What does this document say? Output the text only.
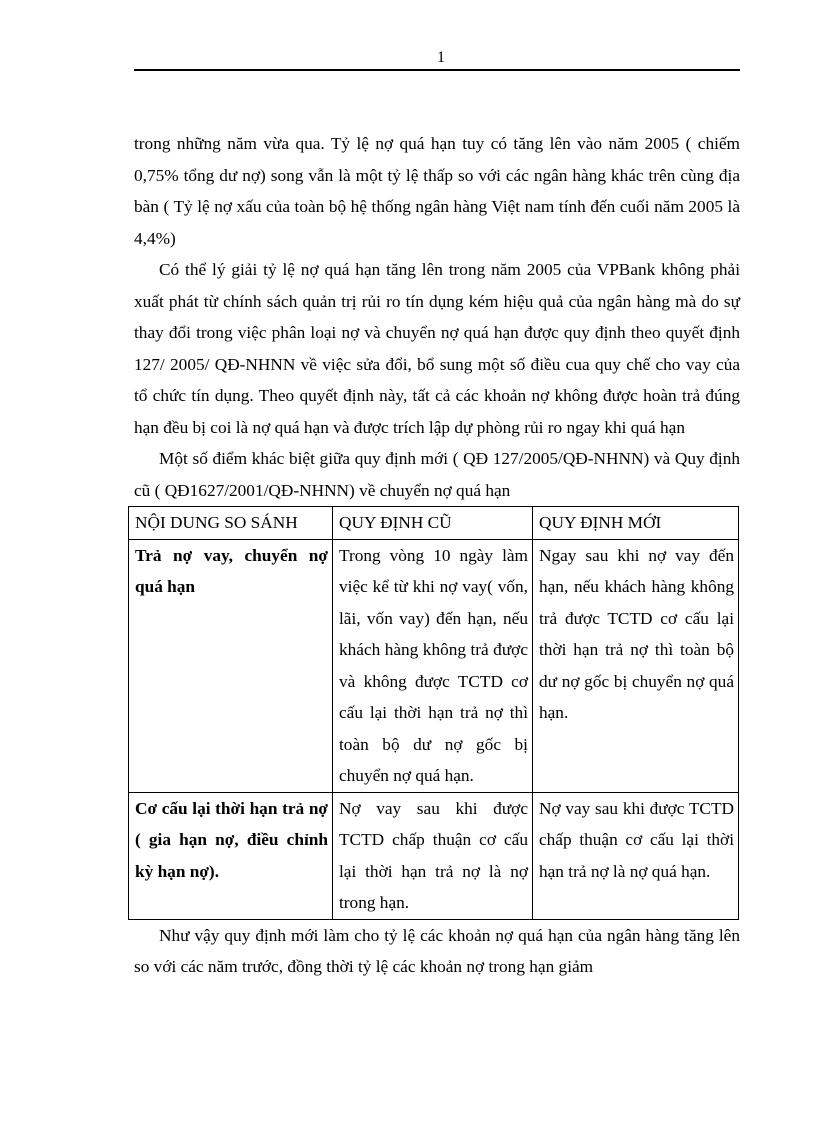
1

trong những năm vừa qua. Tỷ lệ nợ quá hạn tuy có tăng lên vào năm 2005 ( chiếm 0,75% tổng dư nợ) song vẫn là một tỷ lệ thấp so với các ngân hàng khác trên cùng địa bàn ( Tỷ lệ nợ xấu của toàn bộ hệ thống ngân hàng Việt nam tính đến cuối năm 2005 là 4,4%)

Có thể lý giải tỷ lệ nợ quá hạn tăng lên trong năm 2005 của VPBank không phải xuất phát từ chính sách quản trị rủi ro tín dụng kém hiệu quả của ngân hàng mà do sự thay đổi trong việc phân loại nợ và chuyển nợ quá hạn được quy định theo quyết định 127/ 2005/ QĐ-NHNN về việc sửa đổi, bổ sung một số điều cua quy chế cho vay của tổ chức tín dụng. Theo quyết định này, tất cả các khoản nợ không được hoàn trả đúng hạn đều bị coi là nợ quá hạn và được trích lập dự phòng rủi ro ngay khi quá hạn

Một số điểm khác biệt giữa quy định mới ( QĐ 127/2005/QĐ-NHNN) và Quy định cũ ( QĐ1627/2001/QĐ-NHNN) về chuyển nợ quá hạn

NỘI DUNG SO SÁNH	QUY ĐỊNH CŨ	QUY ĐỊNH MỚI
Trả nợ vay, chuyển nợ quá hạn	Trong vòng 10 ngày làm việc kể từ khi nợ vay( vốn, lãi, vốn vay) đến hạn, nếu khách hàng không trả được và không được TCTD cơ cấu lại thời hạn trả nợ thì toàn bộ dư nợ gốc bị chuyển nợ quá hạn.	Ngay sau khi nợ vay đến hạn, nếu khách hàng không trả được TCTD cơ cấu lại thời hạn trả nợ thì toàn bộ dư nợ gốc bị chuyển nợ quá hạn.
Cơ cấu lại thời hạn trả nợ ( gia hạn nợ, điều chỉnh kỳ hạn nợ).	Nợ vay sau khi được TCTD chấp thuận cơ cấu lại thời hạn trả nợ là nợ trong hạn.	Nợ vay sau khi được TCTD chấp thuận cơ cấu lại thời hạn trả nợ là nợ quá hạn.

Như vậy quy định mới làm cho tỷ lệ các khoản nợ quá hạn của ngân hàng tăng lên so với các năm trước, đồng thời tỷ lệ các khoản nợ trong hạn giảm
